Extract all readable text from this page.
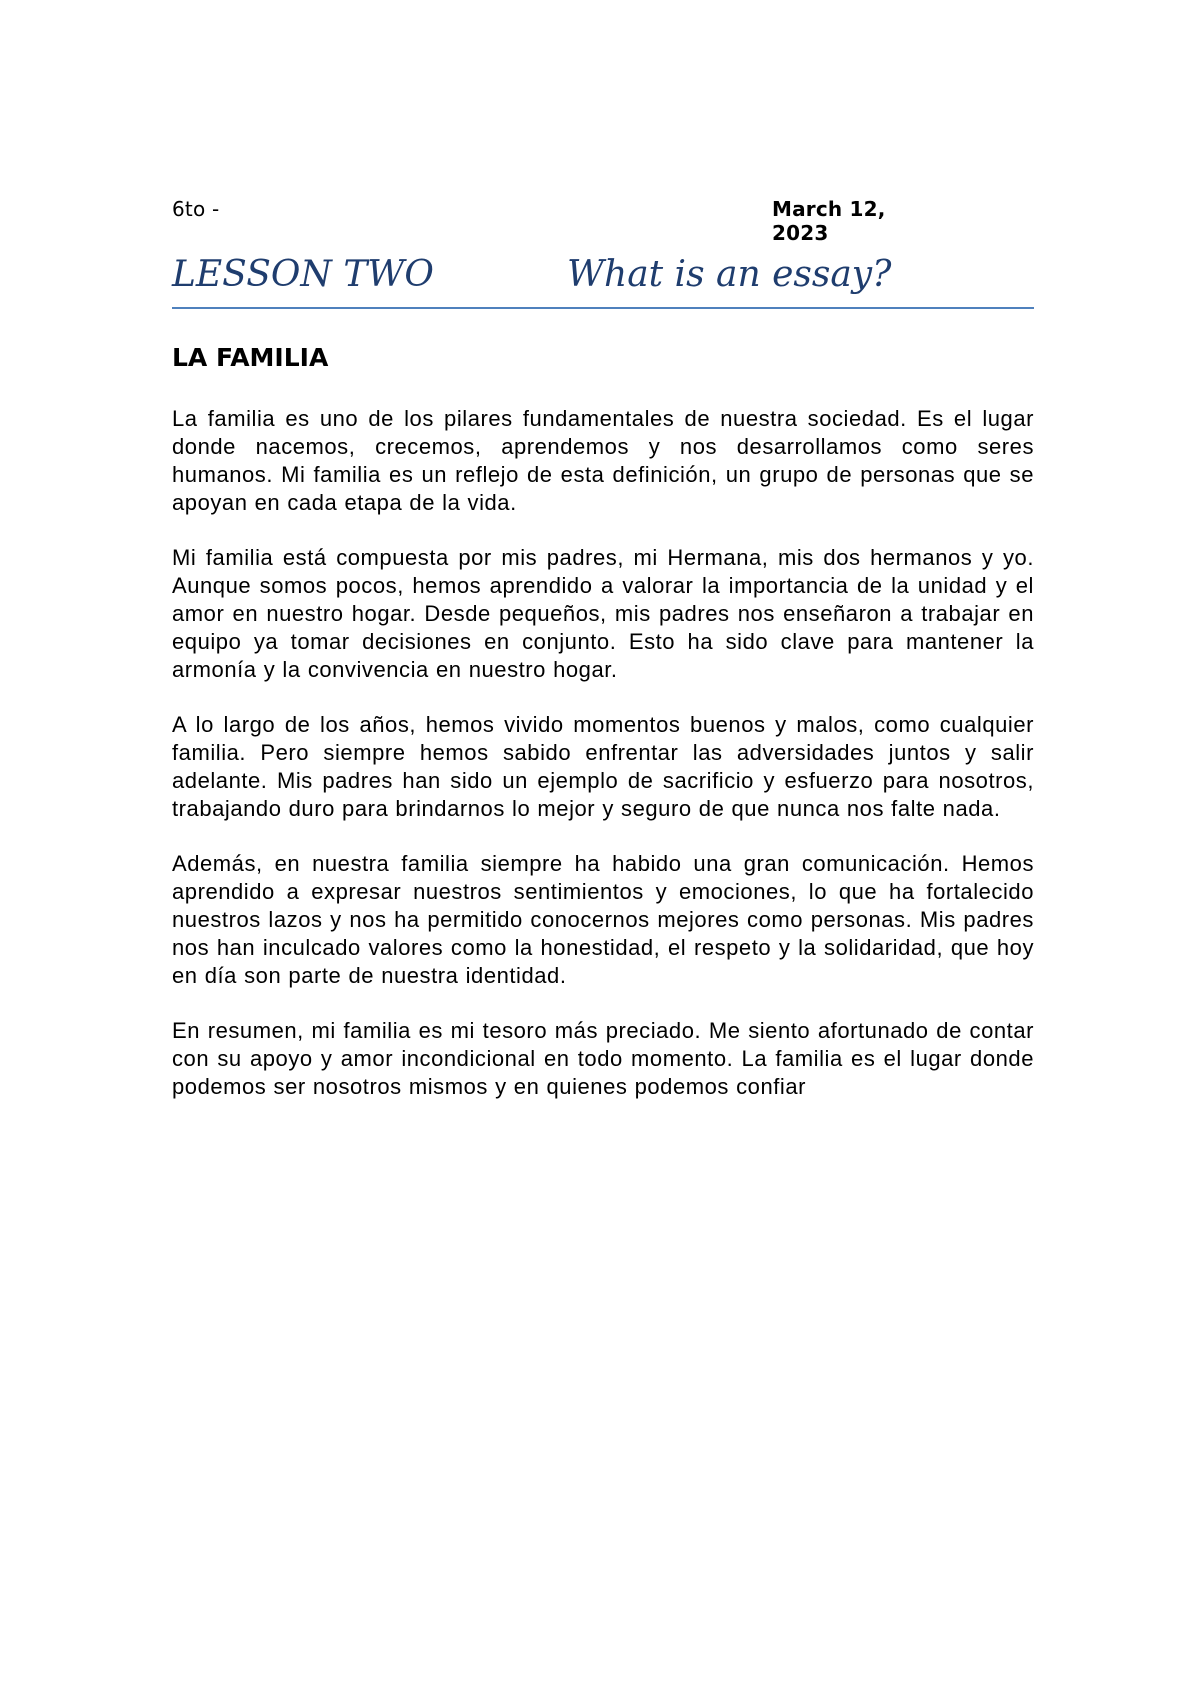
6to -	March 12, 2023
LESSON TWO	What is an essay?
LA FAMILIA

La familia es uno de los pilares fundamentales de nuestra sociedad. Es el lugar donde nacemos, crecemos, aprendemos y nos desarrollamos como seres humanos. Mi familia es un reflejo de esta definición, un grupo de personas que se apoyan en cada etapa de la vida.

Mi familia está compuesta por mis padres, mi Hermana, mis dos hermanos y yo. Aunque somos pocos, hemos aprendido a valorar la importancia de la unidad y el amor en nuestro hogar. Desde pequeños, mis padres nos enseñaron a trabajar en equipo ya tomar decisiones en conjunto. Esto ha sido clave para mantener la armonía y la convivencia en nuestro hogar.

A lo largo de los años, hemos vivido momentos buenos y malos, como cualquier familia. Pero siempre hemos sabido enfrentar las adversidades juntos y salir adelante. Mis padres han sido un ejemplo de sacrificio y esfuerzo para nosotros, trabajando duro para brindarnos lo mejor y seguro de que nunca nos falte nada.

Además, en nuestra familia siempre ha habido una gran comunicación. Hemos aprendido a expresar nuestros sentimientos y emociones, lo que ha fortalecido nuestros lazos y nos ha permitido conocernos mejores como personas. Mis padres nos han inculcado valores como la honestidad, el respeto y la solidaridad, que hoy en día son parte de nuestra identidad.

En resumen, mi familia es mi tesoro más preciado. Me siento afortunado de contar con su apoyo y amor incondicional en todo momento. La familia es el lugar donde podemos ser nosotros mismos y en quienes podemos confiar
